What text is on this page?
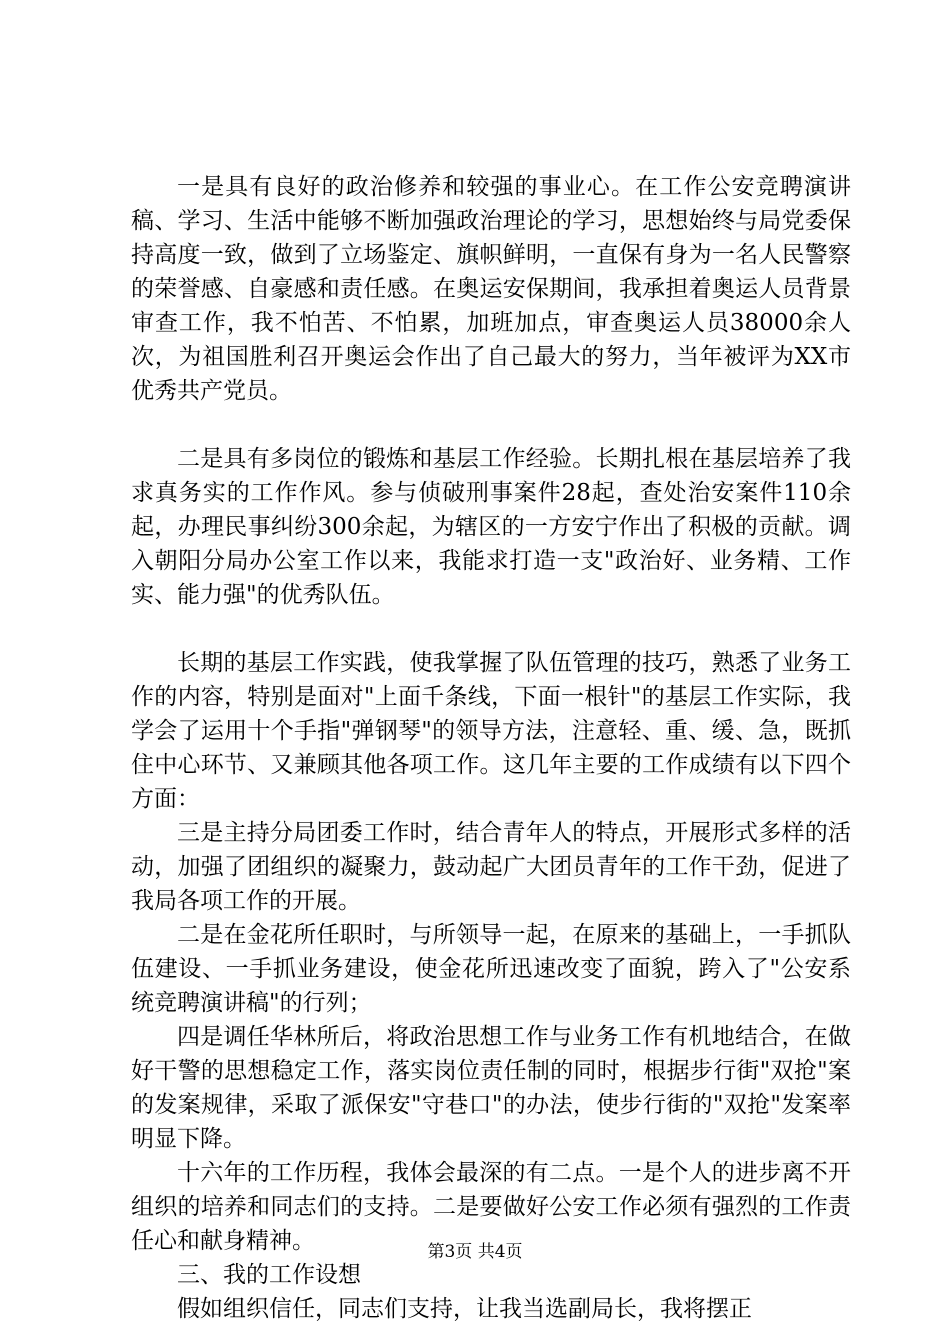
一是具有良好的政治修养和较强的事业心。在工作公安竞聘演讲稿、学习、生活中能够不断加强政治理论的学习，思想始终与局党委保持高度一致，做到了立场鉴定、旗帜鲜明，一直保有身为一名人民警察的荣誉感、自豪感和责任感。在奥运安保期间，我承担着奥运人员背景审查工作，我不怕苦、不怕累，加班加点，审查奥运人员38000余人次，为祖国胜利召开奥运会作出了自己最大的努力，当年被评为XX市优秀共产党员。

二是具有多岗位的锻炼和基层工作经验。长期扎根在基层培养了我求真务实的工作作风。参与侦破刑事案件28起，查处治安案件110余起，办理民事纠纷300余起，为辖区的一方安宁作出了积极的贡献。调入朝阳分局办公室工作以来，我能求打造一支"政治好、业务精、工作实、能力强"的优秀队伍。

长期的基层工作实践，使我掌握了队伍管理的技巧，熟悉了业务工作的内容，特别是面对"上面千条线，下面一根针"的基层工作实际，我学会了运用十个手指"弹钢琴"的领导方法，注意轻、重、缓、急，既抓住中心环节、又兼顾其他各项工作。这几年主要的工作成绩有以下四个方面：

三是主持分局团委工作时，结合青年人的特点，开展形式多样的活动，加强了团组织的凝聚力，鼓动起广大团员青年的工作干劲，促进了我局各项工作的开展。

二是在金花所任职时，与所领导一起，在原来的基础上，一手抓队伍建设、一手抓业务建设，使金花所迅速改变了面貌，跨入了"公安系统竞聘演讲稿"的行列；

四是调任华林所后，将政治思想工作与业务工作有机地结合，在做好干警的思想稳定工作，落实岗位责任制的同时，根据步行街"双抢"案的发案规律，采取了派保安"守巷口"的办法，使步行街的"双抢"发案率明显下降。

十六年的工作历程，我体会最深的有二点。一是个人的进步离不开组织的培养和同志们的支持。二是要做好公安工作必须有强烈的工作责任心和献身精神。

三、我的工作设想

假如组织信任，同志们支持，让我当选副局长，我将摆正

第3页 共4页
